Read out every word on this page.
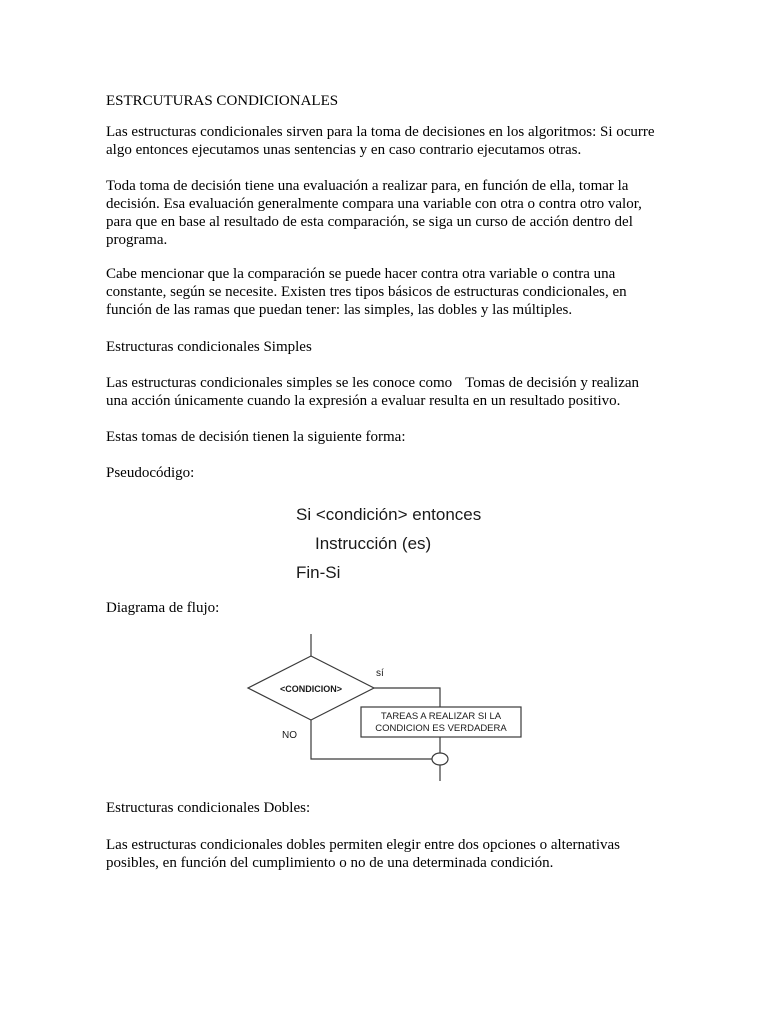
ESTRCUTURAS CONDICIONALES

Las estructuras condicionales sirven para la toma de decisiones en los algoritmos: Si ocurre
algo entonces ejecutamos unas sentencias y en caso contrario ejecutamos otras.

Toda toma de decisión tiene una evaluación a realizar para, en función de ella, tomar la
decisión. Esa evaluación generalmente compara una variable con otra o contra otro valor,
para que en base al resultado de esta comparación, se siga un curso de acción dentro del
programa.

Cabe mencionar que la comparación se puede hacer contra otra variable o contra una
constante, según se necesite. Existen tres tipos básicos de estructuras condicionales, en
función de las ramas que puedan tener: las simples, las dobles y las múltiples.

Estructuras condicionales Simples

Las estructuras condicionales simples se les conoce como Tomas de decisión y realizan
una acción únicamente cuando la expresión a evaluar resulta en un resultado positivo.

Estas tomas de decisión tienen la siguiente forma:

Pseudocódigo:

Si <condición> entonces
Instrucción (es)
Fin-Si

Diagrama de flujo:

<CONDICION>
sí
NO
TAREAS A REALIZAR SI LA
CONDICION ES VERDADERA

Estructuras condicionales Dobles:

Las estructuras condicionales dobles permiten elegir entre dos opciones o alternativas
posibles, en función del cumplimiento o no de una determinada condición.
